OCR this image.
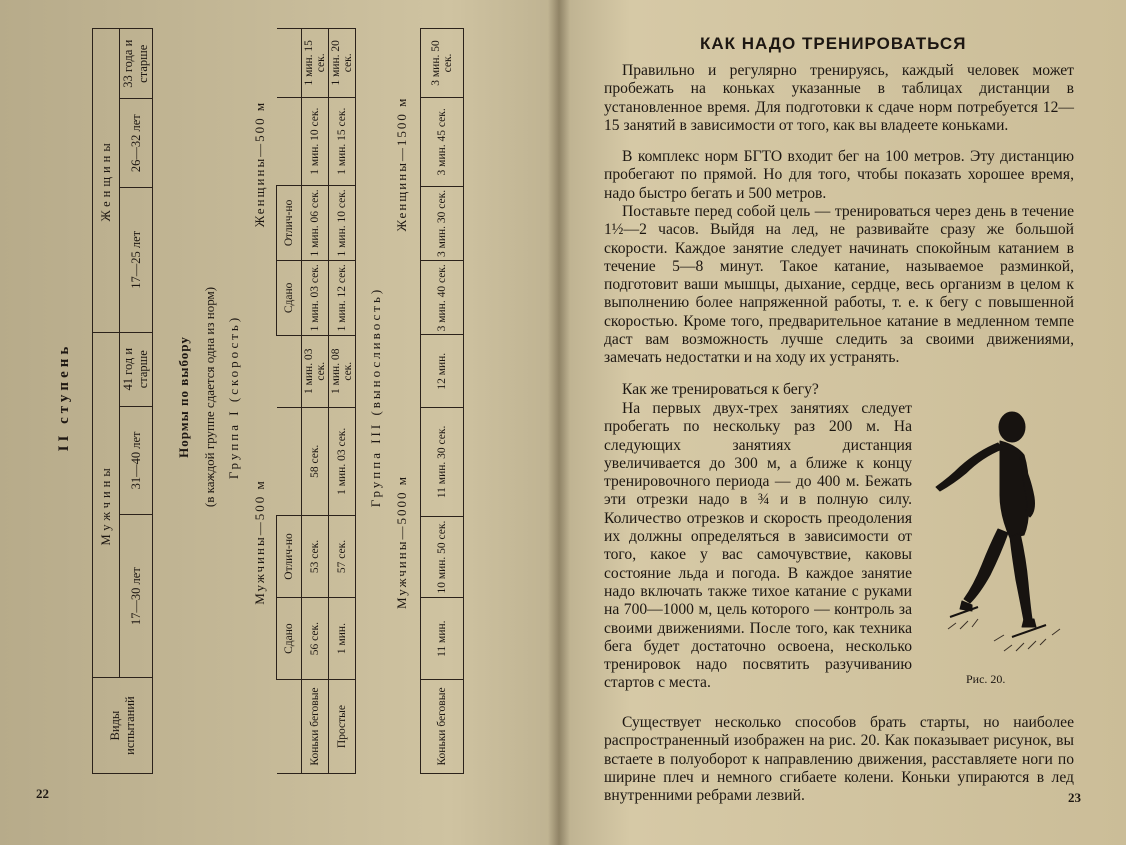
II ступень
Виды испытаний	Мужчины			Женщины		
	17—30 лет	31—40 лет	41 год и старше	17—25 лет	26—32 лет	33 года и старше
Нормы по выбору (в каждой группе сдается одна из норм) Группа I (скорость)
Мужчины—500 м
Женщины—500 м
	Сдано	Отлич-но			Сдано	Отлич-но		
Коньки беговые	56 сек.	53 сек.	58 сек.	1 мин. 03 сек.	1 мин. 03 сек.	1 мин. 06 сек.	1 мин. 10 сек.	1 мин. 15 сек.
Простые	1 мин.	57 сек.	1 мин. 03 сек.	1 мин. 08 сек.	1 мин. 12 сек.	1 мин. 10 сек.	1 мин. 15 сек.	1 мин. 20 сек.
Группа III (выносливость)
Мужчины—5000 м
Женщины—1500 м
Коньки беговые	11 мин.	10 мин. 50 сек.	11 мин. 30 сек.	12 мин.	3 мин. 40 сек.	3 мин. 30 сек.	3 мин. 45 сек.	3 мин. 50 сек.
22
КАК НАДО ТРЕНИРОВАТЬСЯ
Правильно и регулярно тренируясь, каждый человек может пробежать на коньках указанные в таблицах дистанции в установленное время. Для подготовки к сдаче норм потребуется 12—15 занятий в зависимости от того, как вы владеете коньками.
В комплекс норм БГТО входит бег на 100 метров. Эту дистанцию пробегают по прямой. Но для того, чтобы показать хорошее время, надо быстро бегать и 500 метров.
Поставьте перед собой цель — тренироваться через день в течение 1½—2 часов. Выйдя на лед, не развивайте сразу же большой скорости. Каждое занятие следует начинать спокойным катанием в течение 5—8 минут. Такое катание, называемое разминкой, подготовит ваши мышцы, дыхание, сердце, весь организм в целом к выполнению более напряженной работы, т. е. к бегу с повышенной скоростью. Кроме того, предварительное катание в медленном темпе даст вам возможность лучше следить за своими движениями, замечать недостатки и на ходу их устранять.
Как же тренироваться к бегу?
На первых двух-трех занятиях следует пробегать по нескольку раз 200 м. На следующих занятиях дистанция увеличивается до 300 м, а ближе к концу тренировочного периода — до 400 м. Бежать эти отрезки надо в ¾ и в полную силу. Количество отрезков и скорость преодоления их должны определяться в зависимости от того, какое у вас самочувствие, каковы состояние льда и погода. В каждое занятие надо включать также тихое катание с руками на 700—1000 м, цель которого — контроль за своими движениями. После того, как техника бега будет достаточно освоена, несколько тренировок надо посвятить разучиванию стартов с места.	Рис. 20.
Существует несколько способов брать старты, но наиболее распространенный изображен на рис. 20. Как показывает рисунок, вы встаете в полуоборот к направлению движения, расставляете ноги по ширине плеч и немного сгибаете колени. Коньки упираются в лед внутренними ребрами лезвий.	23
